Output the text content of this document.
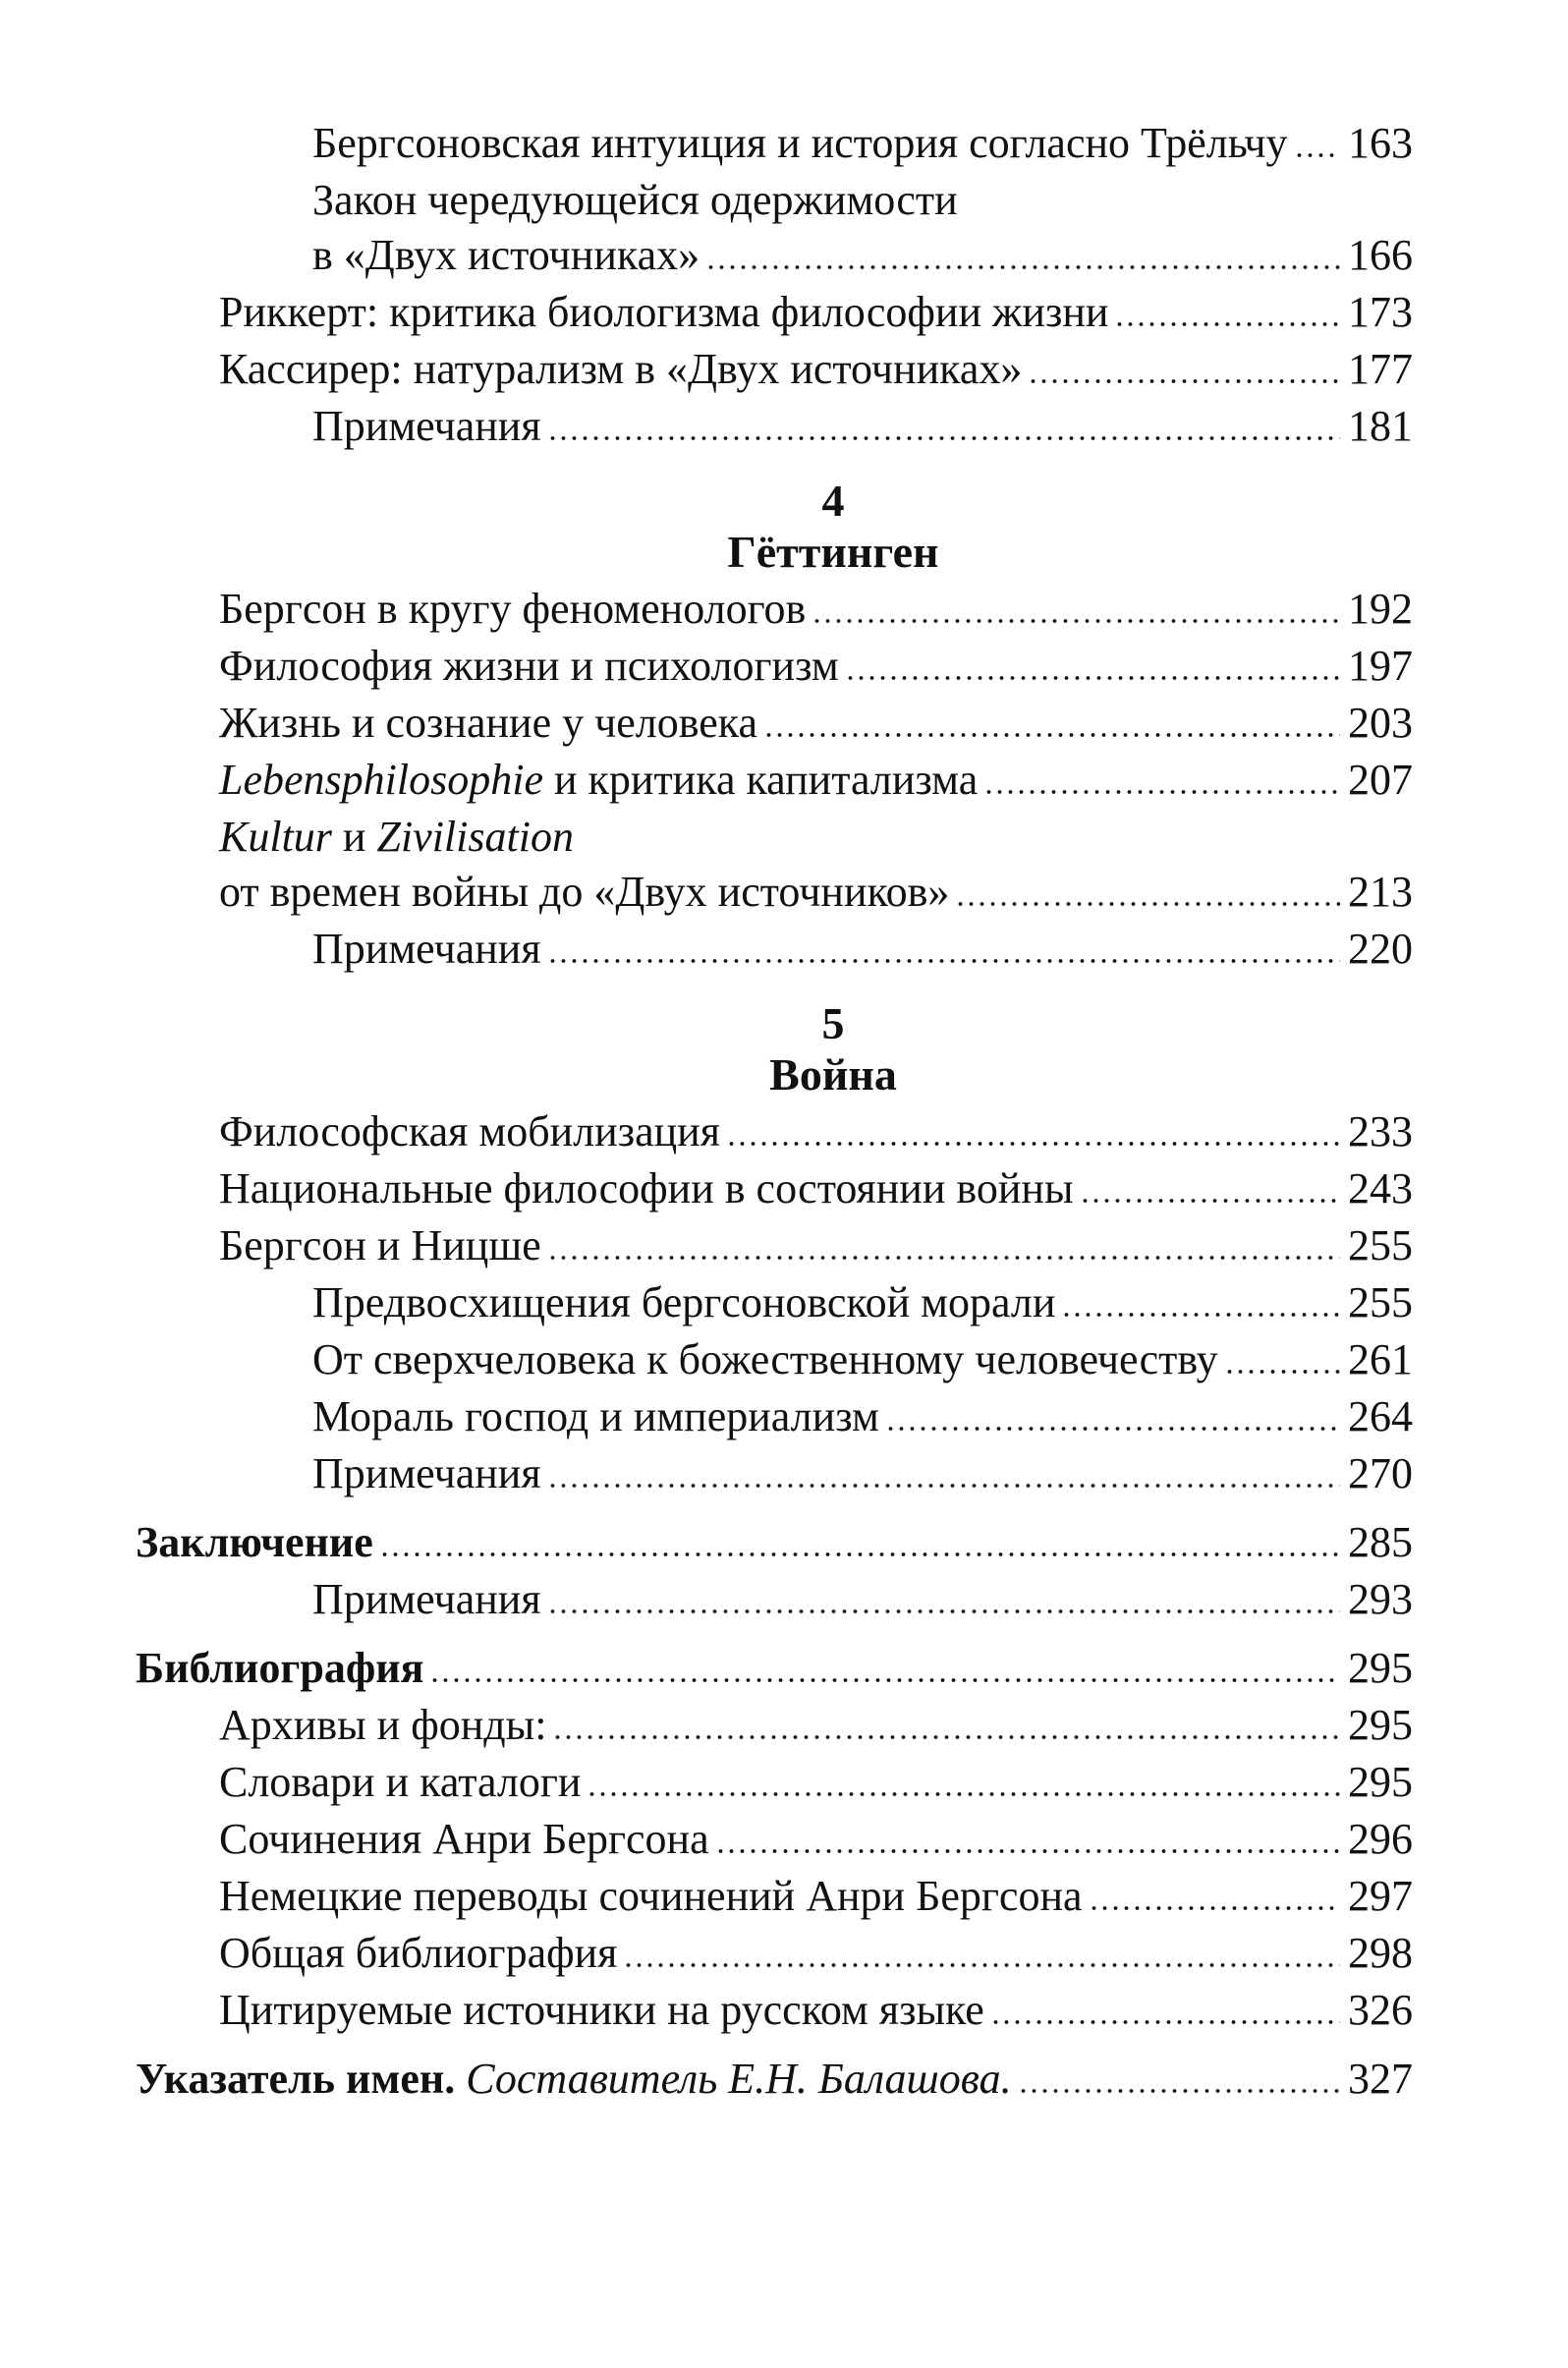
Бергсоновская интуиция и история согласно Трёльчу 163
Закон чередующейся одержимости
в «Двух источниках»	166
Риккерт: критика биологизма философии жизни	173
Кассирер: натурализм в «Двух источниках»	177
Примечания	181
4
Гёттинген
Бергсон в кругу феноменологов	192
Философия жизни и психологизм	197
Жизнь и сознание у человека	203
Lebensphilosophie и критика капитализма	207
Kultur и Zivilisation
от времен войны до «Двух источников»	213
Примечания	220
5
Война
Философская мобилизация	233
Национальные философии в состоянии войны	243
Бергсон и Ницше	255
Предвосхищения бергсоновской морали	255
От сверхчеловека к божественному человечеству	261
Мораль господ и империализм	264
Примечания	270
Заключение	285
Примечания	293
Библиография	295
Архивы и фонды:	295
Словари и каталоги	295
Сочинения Анри Бергсона	296
Немецкие переводы сочинений Анри Бергсона	297
Общая библиография	298
Цитируемые источники на русском языке	326
Указатель имен. Составитель Е.Н. Балашова.	327
